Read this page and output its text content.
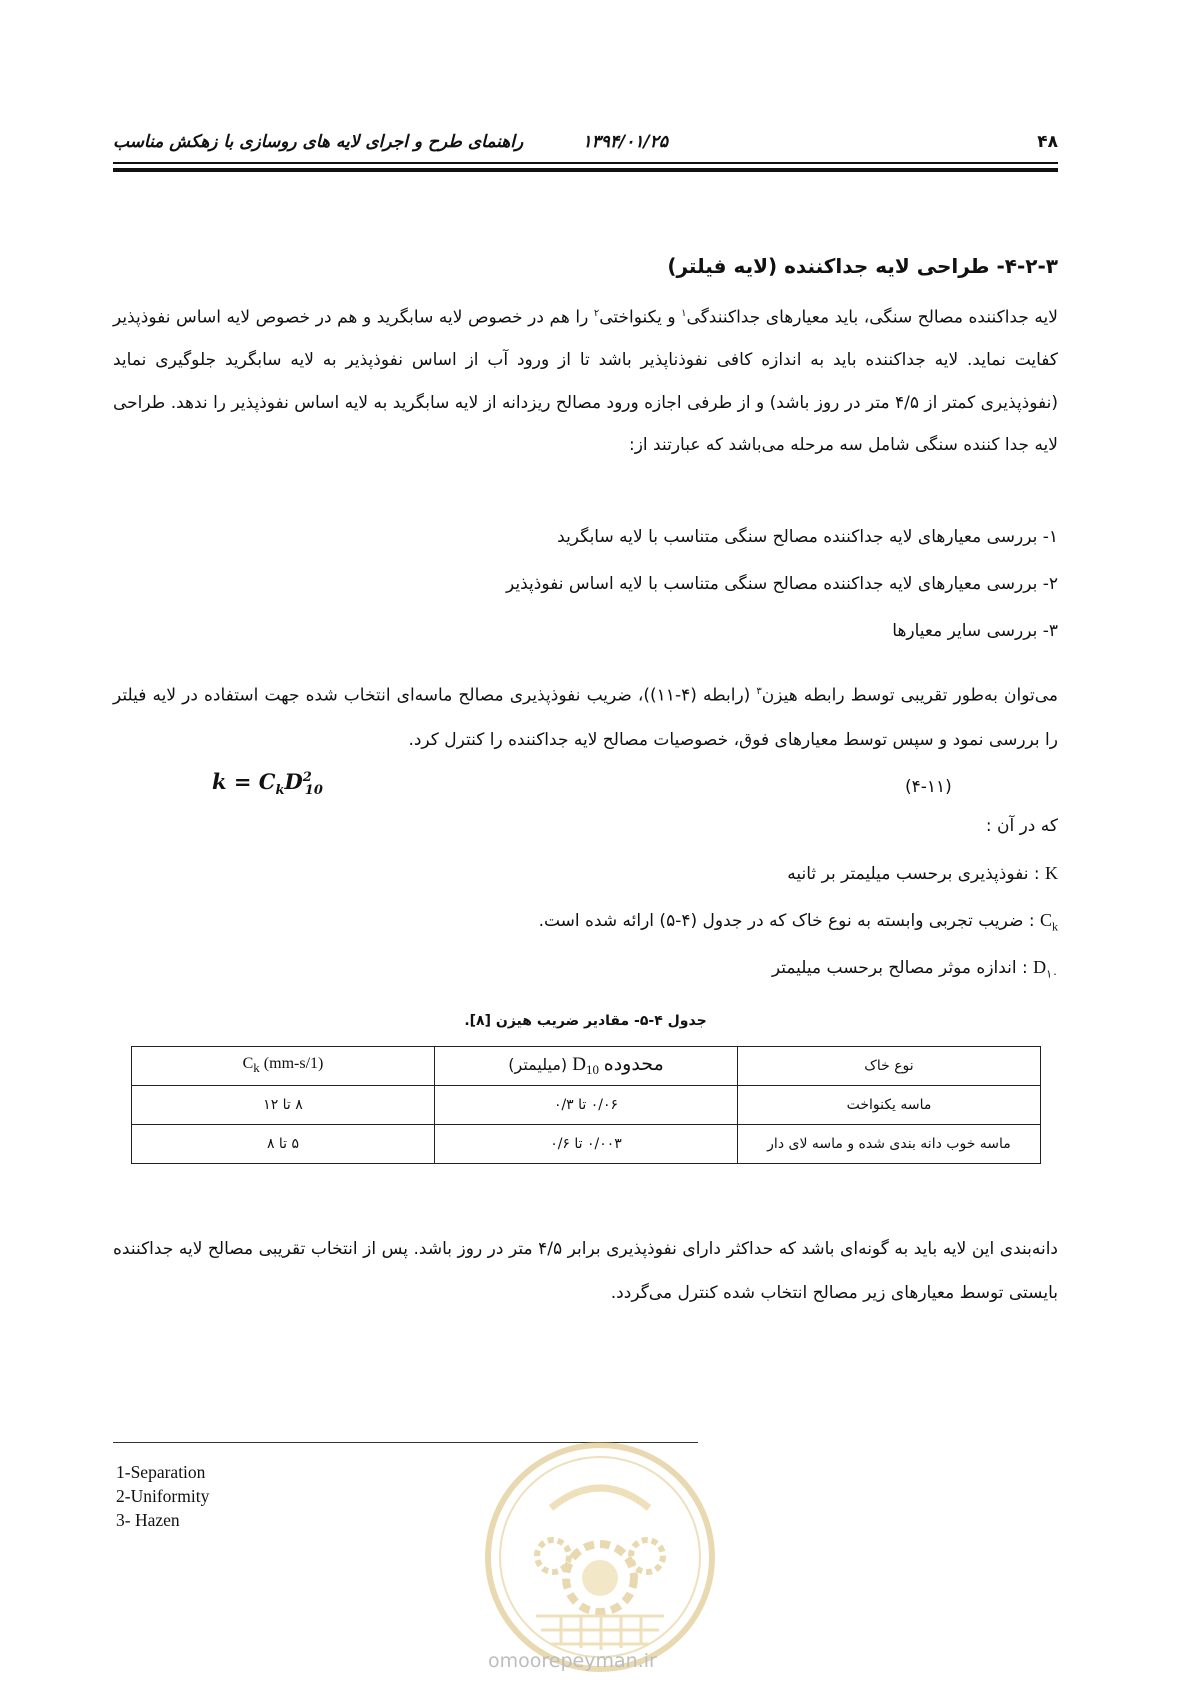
۴۸
۱۳۹۴/۰۱/۲۵
راهنمای طرح و اجرای لایه های روسازی با زهکش مناسب
۴-۲-۳- طراحی لایه جداکننده (لایه فیلتر)
لایه جداکننده مصالح سنگی، باید معیارهای جداکنندگی$^۱$ و یکنواختی$^۲$ را هم در خصوص لایه سابگرید و هم در خصوص لایه اساس نفوذپذیر کفایت نماید. لایه جداکننده باید به اندازه کافی نفوذناپذیر باشد تا از ورود آب از اساس نفوذپذیر به لایه سابگرید جلوگیری نماید (نفوذپذیری کمتر از ۴/۵ متر در روز باشد) و از طرفی اجازه ورود مصالح ریزدانه از لایه سابگرید به لایه اساس نفوذپذیر را ندهد. طراحی لایه جدا کننده سنگی شامل سه مرحله می‌باشد که عبارتند از:
۱- بررسی معیارهای لایه جداکننده مصالح سنگی متناسب با لایه سابگرید
۲- بررسی معیارهای لایه جداکننده مصالح سنگی متناسب با لایه اساس نفوذپذیر
۳- بررسی سایر معیارها
می‌توان به‌طور تقریبی توسط رابطه هیزن$^۳$ (رابطه (۴-۱۱))، ضریب نفوذپذیری مصالح ماسه‌ای انتخاب شده جهت استفاده در لایه فیلتر را بررسی نمود و سپس توسط معیارهای فوق، خصوصیات مصالح لایه جداکننده را کنترل کرد.
$k = C_kD^2_{10}$	(۴-۱۱)
که در آن :
K : نفوذپذیری برحسب میلیمتر بر ثانیه
$C_k$ : ضریب تجربی وابسته به نوع خاک که در جدول (۴-۵) ارائه شده است.
$D_{۱۰}$ : اندازه موثر مصالح برحسب میلیمتر
جدول ۴-۵- مقادیر ضریب هیزن [۸].
نوع خاک	محدوده $D_{10}$ (میلیمتر)	(1/mm-s) $C_k$
ماسه یکنواخت	۰/۰۶ تا ۰/۳	۸ تا ۱۲
ماسه خوب دانه بندی شده و ماسه لای دار	۰/۰۰۳ تا ۰/۶	۵ تا ۸
دانه‌بندی این لایه باید به گونه‌ای باشد که حداکثر دارای نفوذپذیری برابر ۴/۵ متر در روز باشد. پس از انتخاب تقریبی مصالح لایه جداکننده بایستی توسط معیارهای زیر مصالح انتخاب شده کنترل می‌گردد.
1-Separation
2-Uniformity
3- Hazen
omoorepeyman.ir
